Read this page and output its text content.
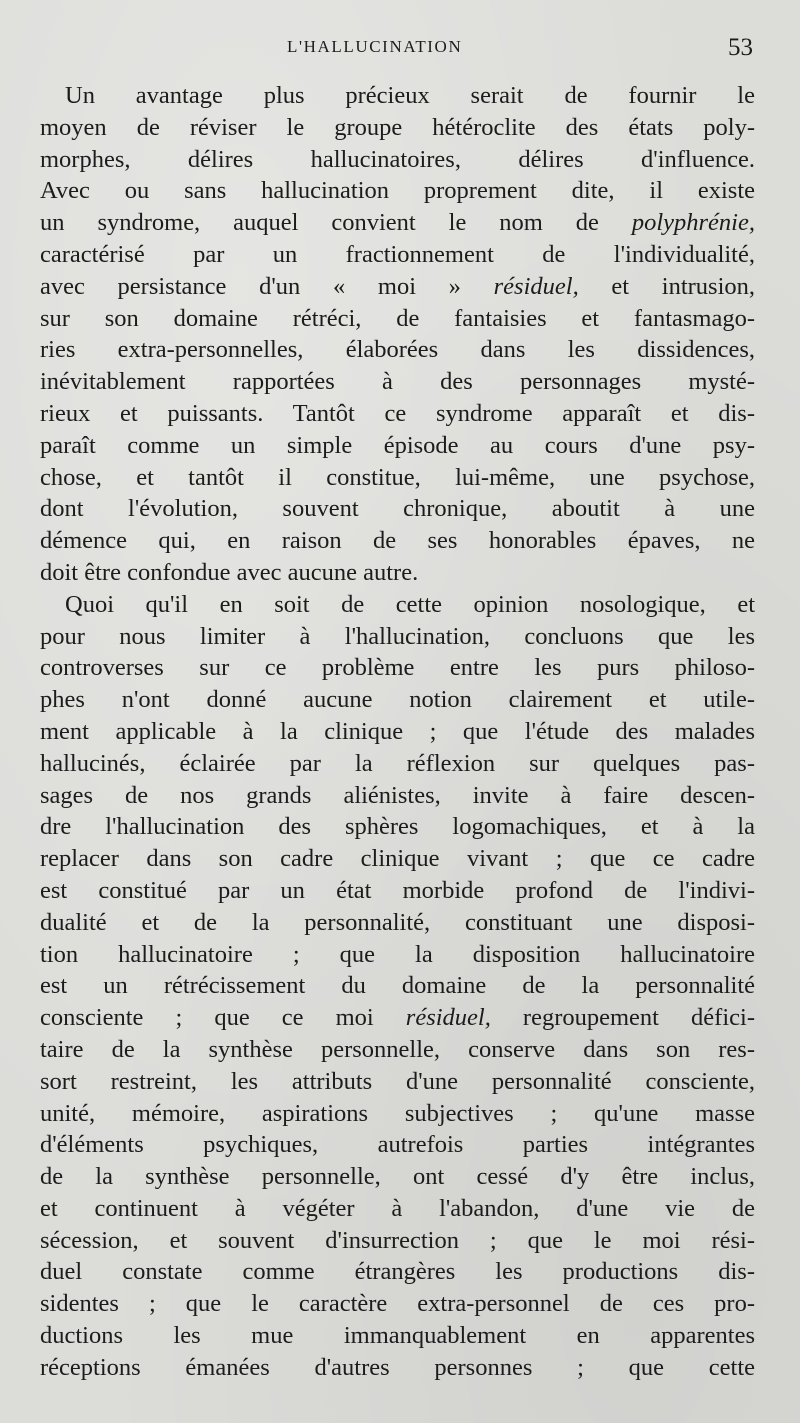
L'HALLUCINATION	53
Un avantage plus précieux serait de fournir le
moyen de réviser le groupe hétéroclite des états poly-
morphes, délires hallucinatoires, délires d'influence.
Avec ou sans hallucination proprement dite, il existe
un syndrome, auquel convient le nom de polyphrénie,
caractérisé par un fractionnement de l'individualité,
avec persistance d'un « moi » résiduel, et intrusion,
sur son domaine rétréci, de fantaisies et fantasmago-
ries extra-personnelles, élaborées dans les dissidences,
inévitablement rapportées à des personnages mysté-
rieux et puissants. Tantôt ce syndrome apparaît et dis-
paraît comme un simple épisode au cours d'une psy-
chose, et tantôt il constitue, lui-même, une psychose,
dont l'évolution, souvent chronique, aboutit à une
démence qui, en raison de ses honorables épaves, ne
doit être confondue avec aucune autre.
Quoi qu'il en soit de cette opinion nosologique, et
pour nous limiter à l'hallucination, concluons que les
controverses sur ce problème entre les purs philoso-
phes n'ont donné aucune notion clairement et utile-
ment applicable à la clinique ; que l'étude des malades
hallucinés, éclairée par la réflexion sur quelques pas-
sages de nos grands aliénistes, invite à faire descen-
dre l'hallucination des sphères logomachiques, et à la
replacer dans son cadre clinique vivant ; que ce cadre
est constitué par un état morbide profond de l'indivi-
dualité et de la personnalité, constituant une disposi-
tion hallucinatoire ; que la disposition hallucinatoire
est un rétrécissement du domaine de la personnalité
consciente ; que ce moi résiduel, regroupement défici-
taire de la synthèse personnelle, conserve dans son res-
sort restreint, les attributs d'une personnalité consciente,
unité, mémoire, aspirations subjectives ; qu'une masse
d'éléments psychiques, autrefois parties intégrantes
de la synthèse personnelle, ont cessé d'y être inclus,
et continuent à végéter à l'abandon, d'une vie de
sécession, et souvent d'insurrection ; que le moi rési-
duel constate comme étrangères les productions dis-
sidentes ; que le caractère extra-personnel de ces pro-
ductions les mue immanquablement en apparentes
réceptions émanées d'autres personnes ; que cette
